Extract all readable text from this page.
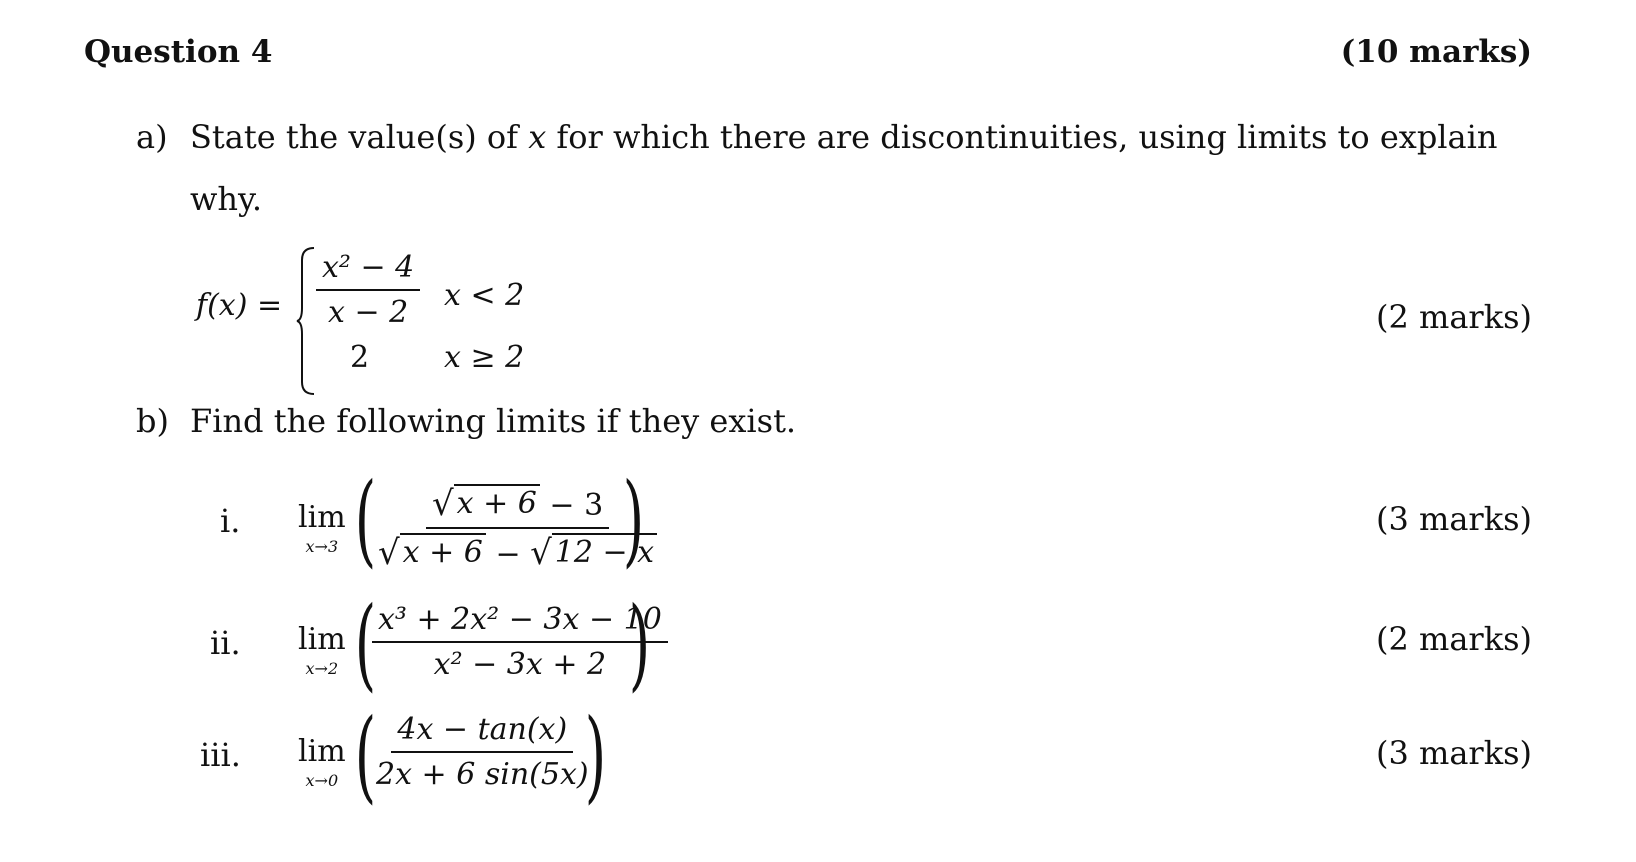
Question 4	(10 marks)
a) State the value(s) of x for which there are discontinuities, using limits to explain
why.
$f(x) = \frac{\text{x² − 4}}{x - 2}$ x < 2
2 x ≥ 2
(2 marks)
b) Find the following limits if they exist.
i. lim
x→3 (
$\frac{√ x + 6 - 3}{√ x + 6 - √ 12 - x}$
)	(3 marks)
ii. lim
x→2 (
$\frac{\text{x³ + 2x² − 3x − 10}}{\text{x² − 3x + 2}}$
)	(2 marks)
iii. lim
x→0 (
$\frac{4x - \tan(x)}{2x + 6 \sin(5x)}$
)	(3 marks)
